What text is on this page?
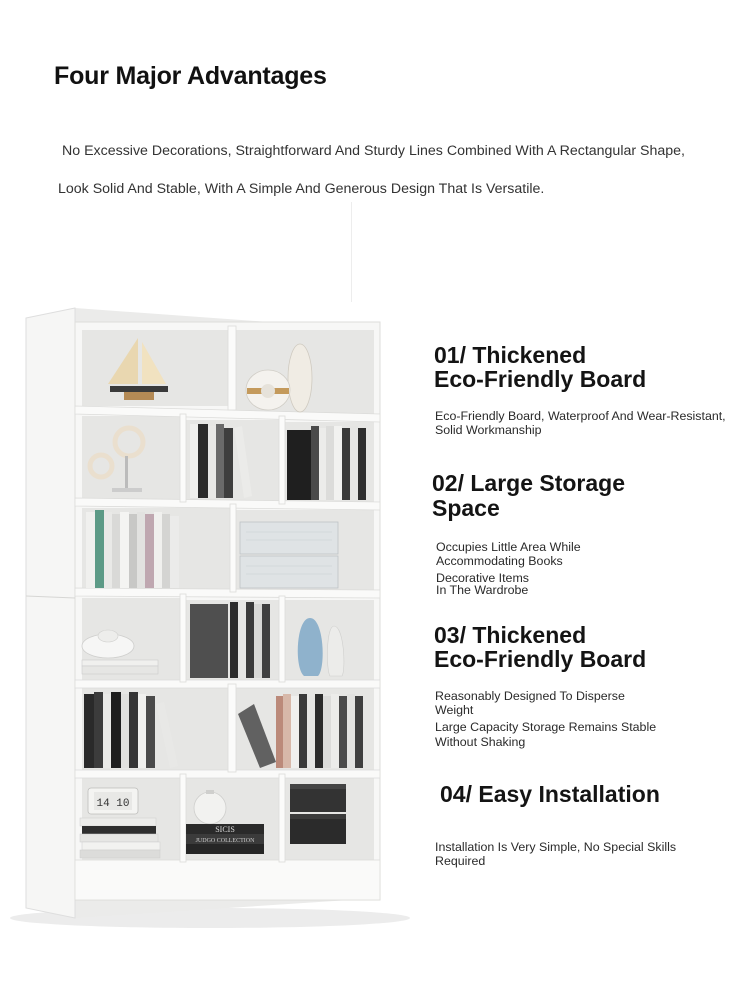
Four Major Advantages
No Excessive Decorations, Straightforward And Sturdy Lines Combined With A Rectangular Shape,
Look Solid And Stable, With A Simple And Generous Design That Is Versatile.
14 10
SICIS
JUDGO COLLECTION
01/ Thickened
Eco-Friendly Board
Eco-Friendly Board, Waterproof And Wear-Resistant,
Solid Workmanship
02/ Large Storage
Space
Occupies Little Area While
Accommodating Books
Decorative Items
In The Wardrobe
03/ Thickened
Eco-Friendly Board
Reasonably Designed To Disperse
Weight
Large Capacity Storage Remains Stable
Without Shaking
04/ Easy Installation
Installation Is Very Simple, No Special Skills
Required
